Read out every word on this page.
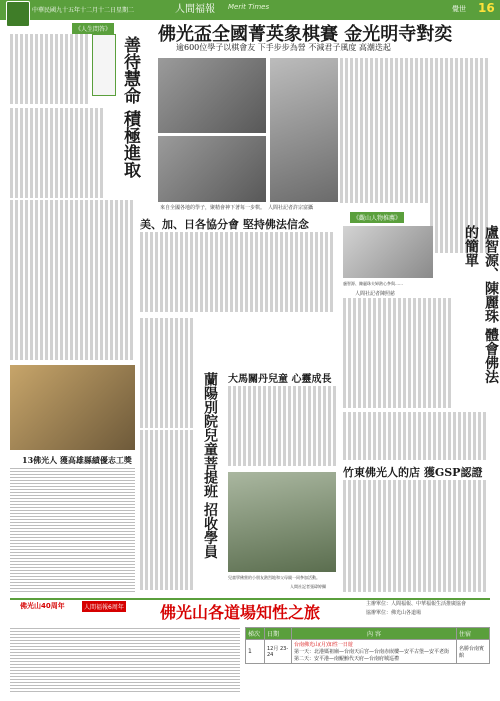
中華民國九十五年十二月十二日星期二	人間福報 Merit Times	覺世 16
《人生問答》
善待慧命 積極進取
佛光盃全國菁英象棋賽 金光明寺對奕
逾600位學子以棋會友 下手步步為營 不減君子風度 高潮迭起
來自全國各地的學子，聚精會神下著每一步棋。 人間社記者許宗富攝
美、加、日各協分會 堅持佛法信念	《觀山人物推薦》
盧智源、陳麗珠夫婦熱心參與……
人間社記者陳照慈	盧智源、陳麗珠 體會佛法的簡單
13佛光人 獲高雄縣績優志工獎	蘭陽別院兒童菩提班 招收學員 大馬關丹兒童 心靈成長
兒童學佛營的小朋友熱烈地和父母親一同參加活動。
人間社記者張瑋婷攝
竹東佛光人的店 獲GSP認證
佛光山40周年	人間福報6周年 佛光山各道場知性之旅	主辦單位：人間福報、中華福報生活推廣協會
協辦單位：佛光山各道場
梯次	日期	內 容	住宿
1	12月 23-24	台南佛光山(月)知性一日遊
第一天：北港媽祖廟—台南天后宮—台南赤嵌樓—安平古堡—安平老街
第二天：安平港—南鯤鯓代天府—台南府城巡禮	名勝台南賓館
